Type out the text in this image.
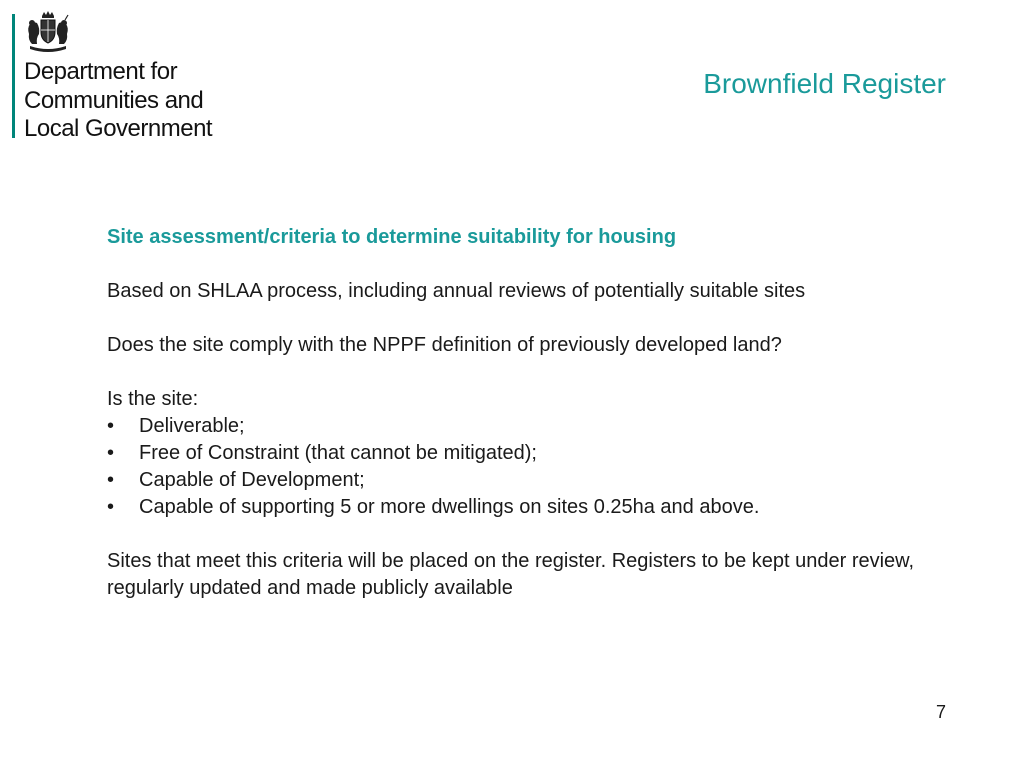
Department for
Communities and
Local Government
Brownfield Register

Site assessment/criteria to determine suitability for housing

Based on SHLAA process, including annual reviews of potentially suitable sites

Does the site comply with the NPPF definition of previously developed land?

Is the site:
• Deliverable;
• Free of Constraint (that cannot be mitigated);
• Capable of Development;
• Capable of supporting 5 or more dwellings on sites 0.25ha and above.

Sites that meet this criteria will be placed on the register. Registers to be kept under review, regularly updated and made publicly available

7
